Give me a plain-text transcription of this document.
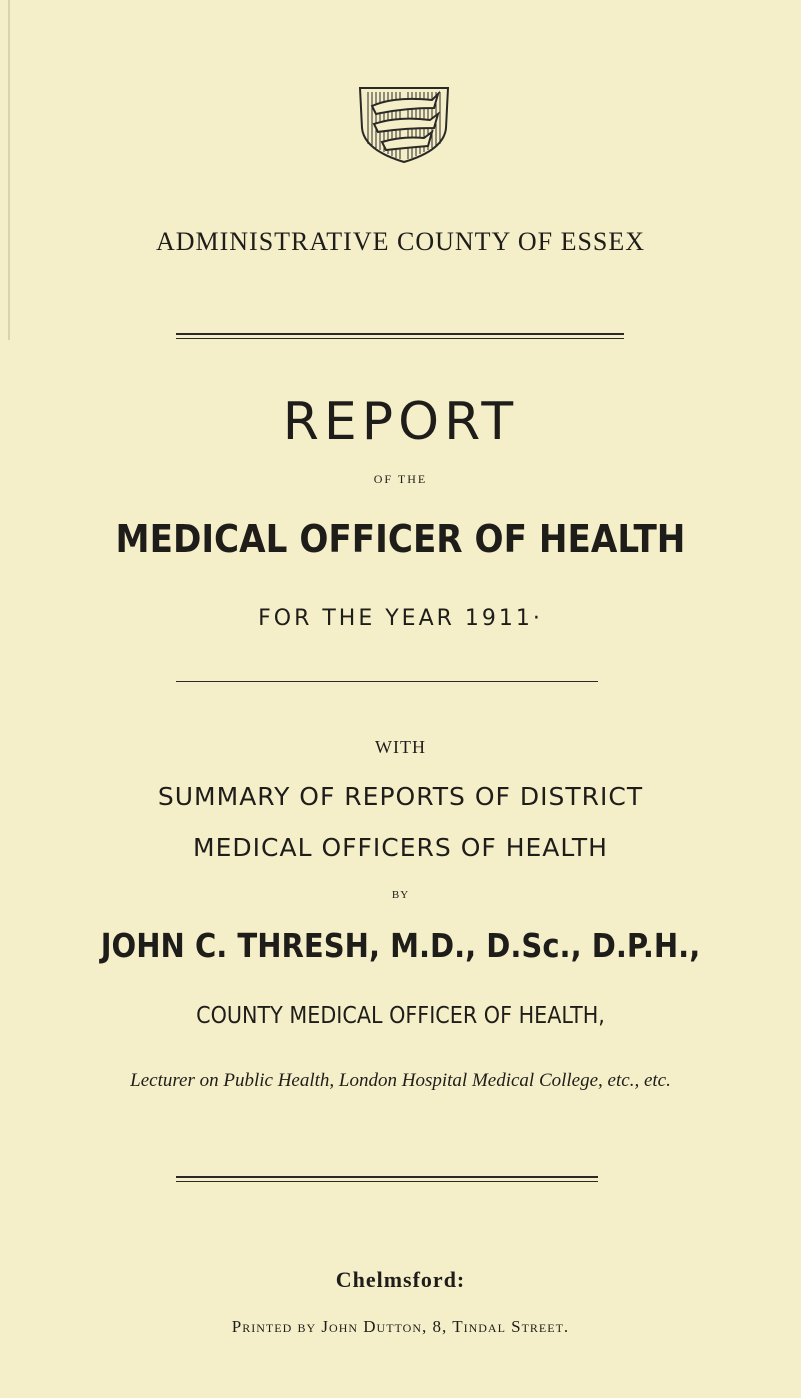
ADMINISTRATIVE COUNTY OF ESSEX
REPORT
OF THE
MEDICAL OFFICER OF HEALTH
FOR THE YEAR 1911·
WITH
SUMMARY OF REPORTS OF DISTRICT
MEDICAL OFFICERS OF HEALTH
BY
JOHN C. THRESH, M.D., D.Sc., D.P.H.,
COUNTY MEDICAL OFFICER OF HEALTH,
Lecturer on Public Health, London Hospital Medical College, etc., etc.
Chelmsford:
Printed by John Dutton, 8, Tindal Street.
